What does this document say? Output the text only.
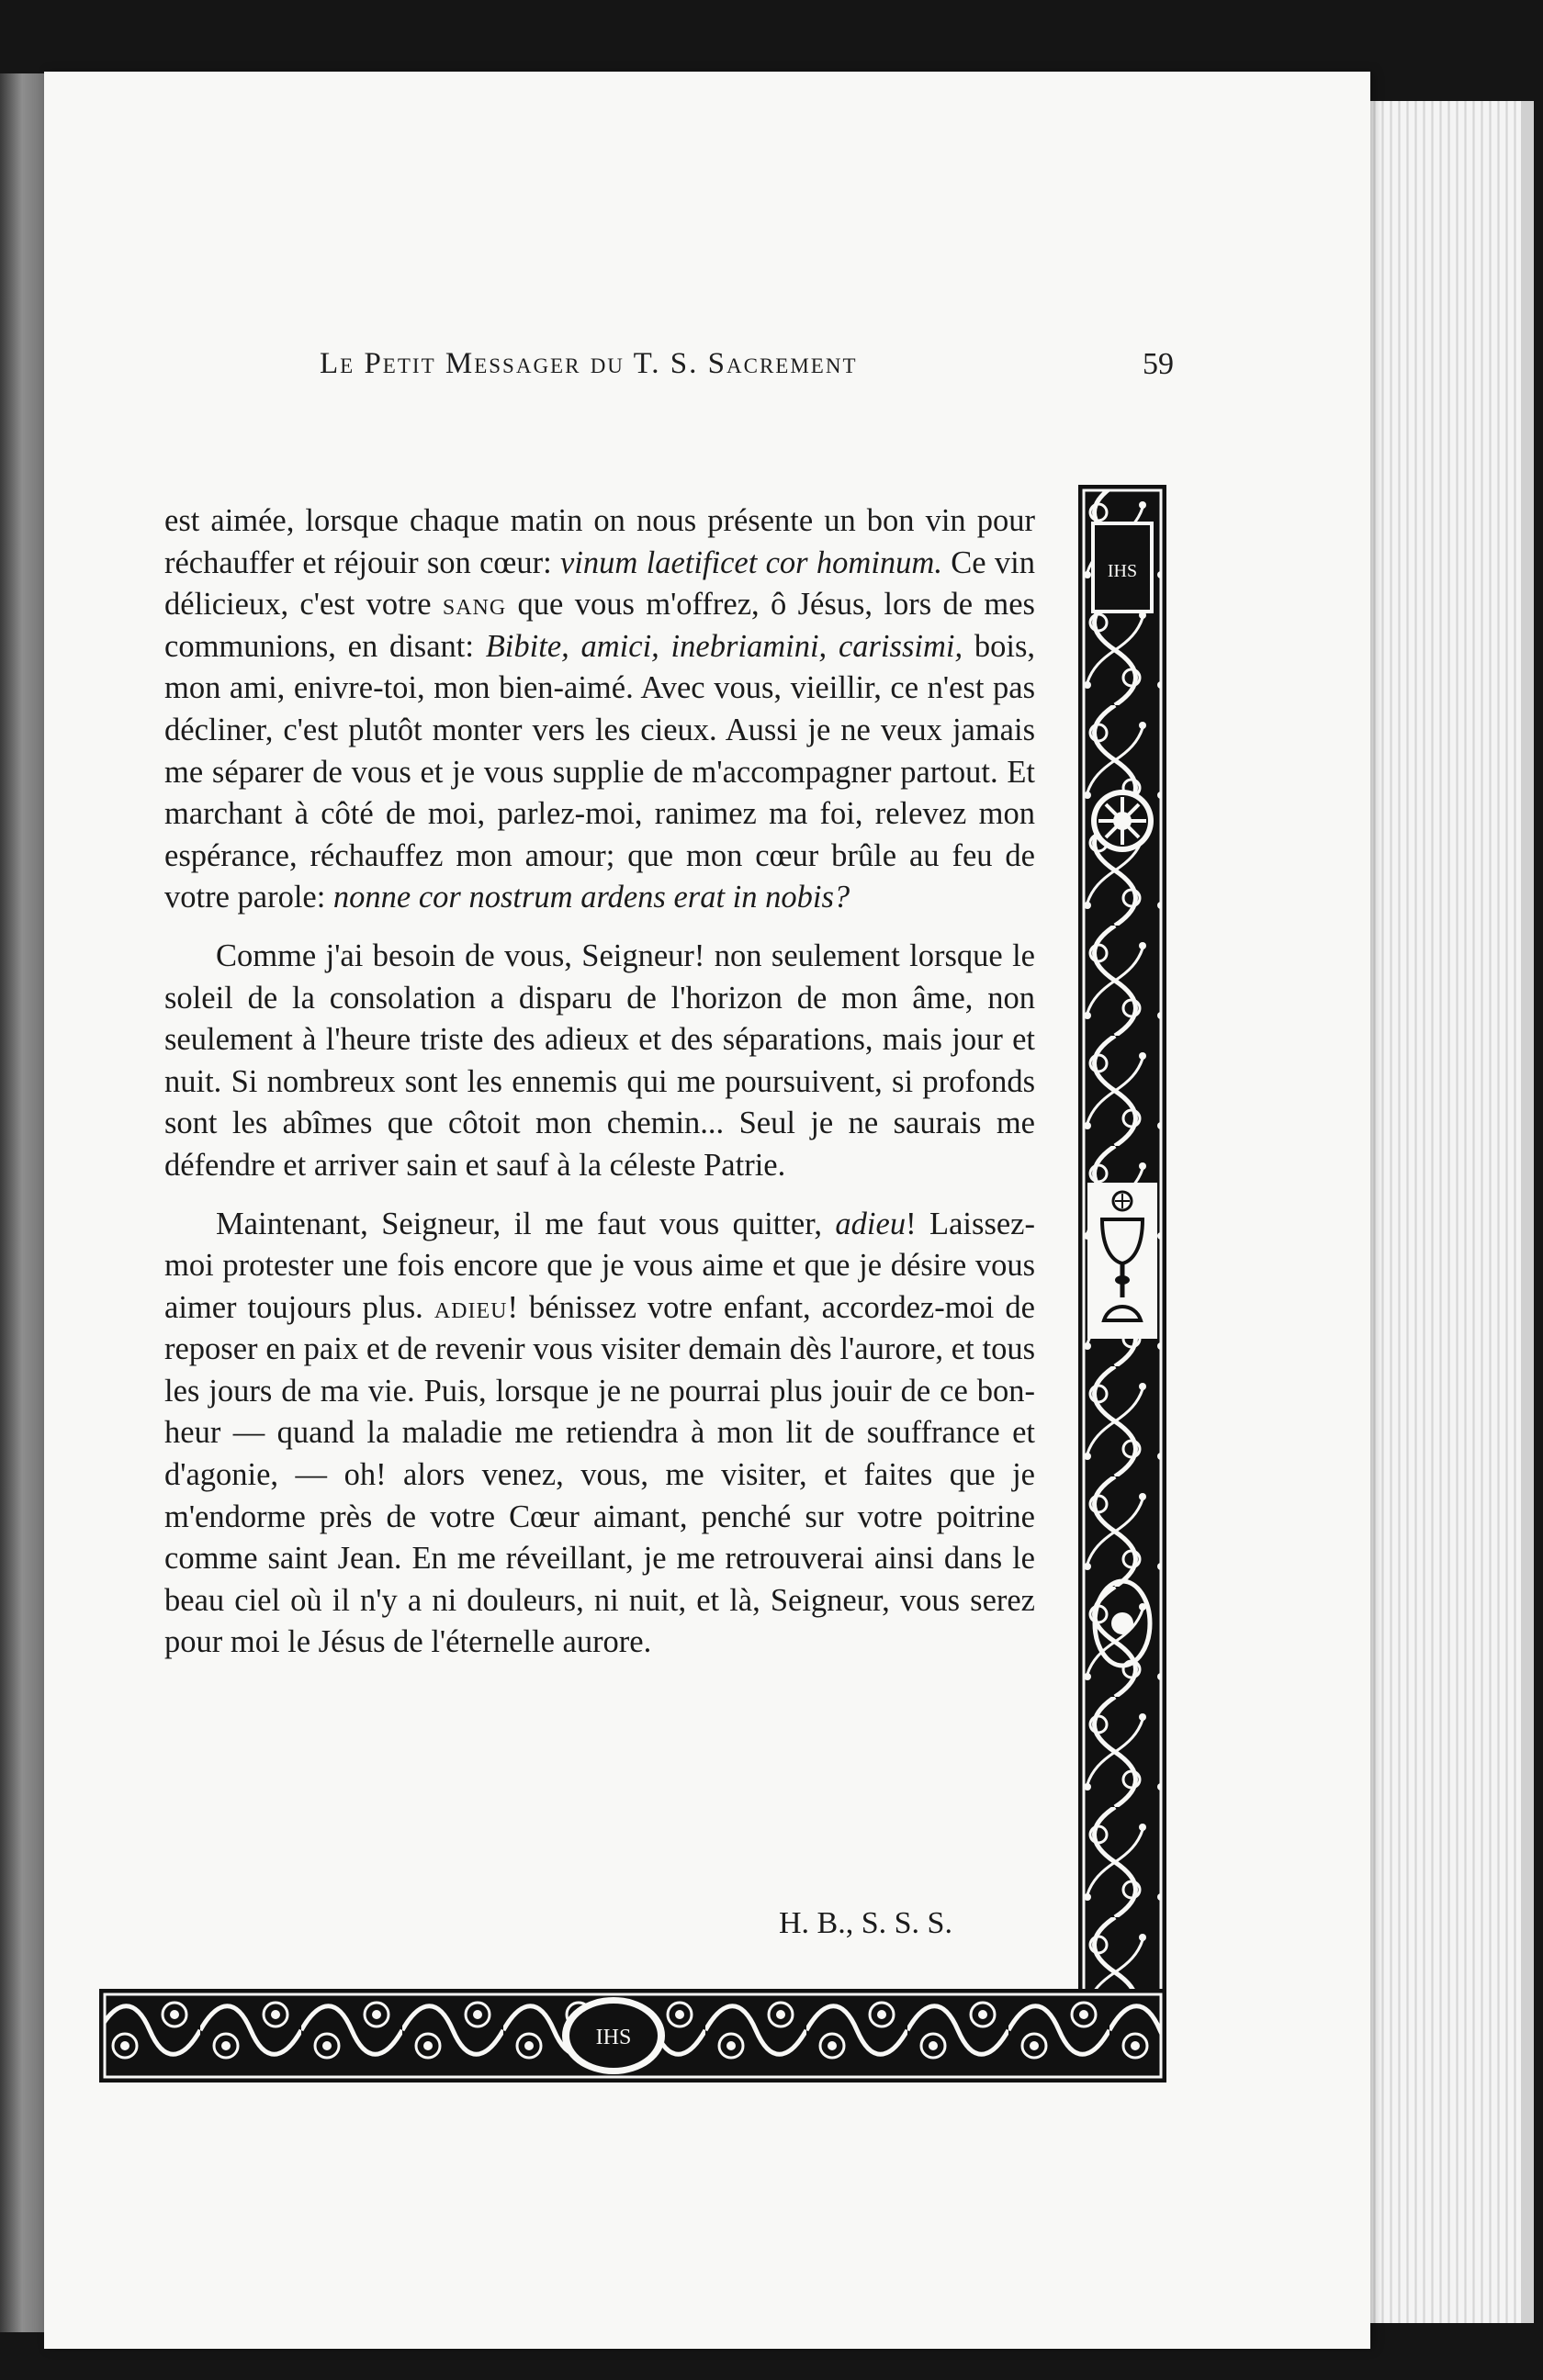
Le Petit Messager du T. S. Sacrement	59

est aimée, lorsque chaque matin on nous présente un bon vin pour réchauffer et réjouir son cœur: vinum laetificet cor hominum. Ce vin délicieux, c'est votre sang que vous m'offrez, ô Jésus, lors de mes communions, en disant: Bibite, amici, inebriamini, carissimi, bois, mon ami, enivre-toi, mon bien-aimé. Avec vous, vieillir, ce n'est pas décliner, c'est plutôt monter vers les cieux. Aussi je ne veux jamais me séparer de vous et je vous supplie de m'accompagner partout. Et marchant à côté de moi, parlez-moi, ranimez ma foi, relevez mon espérance, réchauffez mon amour; que mon cœur brûle au feu de votre parole: nonne cor nostrum ardens erat in nobis?

Comme j'ai besoin de vous, Seigneur! non seulement lorsque le soleil de la consolation a disparu de l'horizon de mon âme, non seulement à l'heure triste des adieux et des séparations, mais jour et nuit. Si nombreux sont les ennemis qui me poursuivent, si profonds sont les abîmes que côtoit mon chemin... Seul je ne saurais me défendre et arriver sain et sauf à la céleste Patrie.

Maintenant, Seigneur, il me faut vous quitter, adieu! Laissez-moi protester une fois encore que je vous aime et que je désire vous aimer toujours plus. adieu! bénissez votre enfant, accordez-moi de reposer en paix et de revenir vous visiter demain dès l'aurore, et tous les jours de ma vie. Puis, lorsque je ne pourrai plus jouir de ce bonheur — quand la maladie me retiendra à mon lit de souffrance et d'agonie, — oh! alors venez, vous, me visiter, et faites que je m'endorme près de votre Cœur aimant, penché sur votre poitrine comme saint Jean. En me réveillant, je me retrouverai ainsi dans le beau ciel où il n'y a ni douleurs, ni nuit, et là, Seigneur, vous serez pour moi le Jésus de l'éternelle aurore.

H. B., S. S. S.
IHS
IHS
